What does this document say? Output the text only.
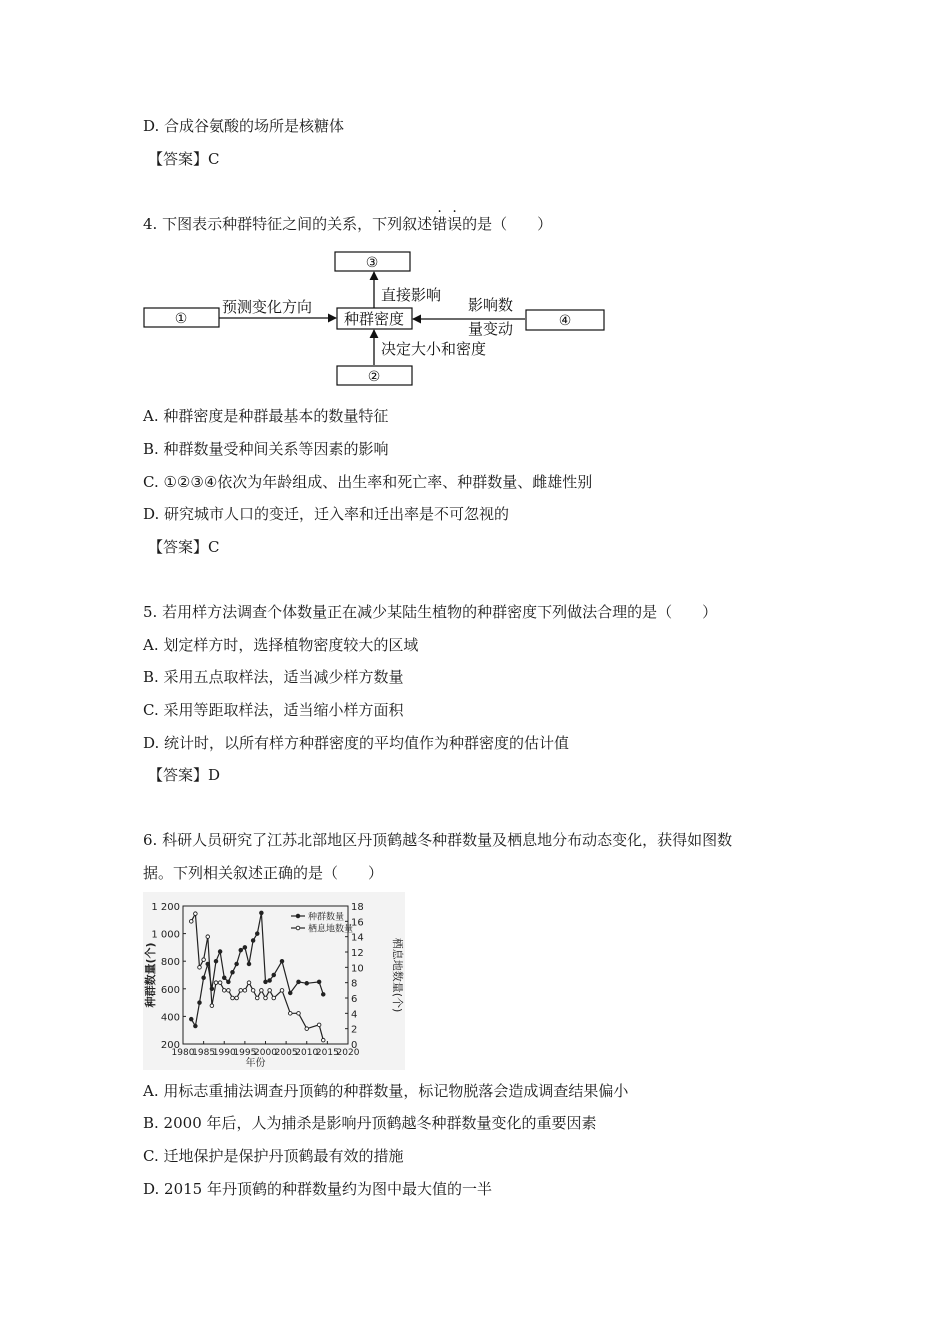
D. 合成谷氨酸的场所是核糖体
【答案】C
4. 下图表示种群特征之间的关系，下列叙述错误的是（　　）
①
③
②
④
种群密度
预测变化方向
直接影响
决定大小和密度
影响数
量变动
A. 种群密度是种群最基本的数量特征
B. 种群数量受种间关系等因素的影响
C. ①②③④依次为年龄组成、出生率和死亡率、种群数量、雌雄性别
D. 研究城市人口的变迁，迁入率和迁出率是不可忽视的
【答案】C
5. 若用样方法调查个体数量正在减少某陆生植物的种群密度下列做法合理的是（　　）
A. 划定样方时，选择植物密度较大的区域
B. 采用五点取样法，适当减少样方数量
C. 采用等距取样法，适当缩小样方面积
D. 统计时，以所有样方种群密度的平均值作为种群密度的估计值
【答案】D
6. 科研人员研究了江苏北部地区丹顶鹤越冬种群数量及栖息地分布动态变化，获得如图数
据。下列相关叙述正确的是（　　）
200
400
600
800
1 000
1 200
0
2
4
6
8
10
12
14
16
18
1980
1985
1990
1995
2000
2005
2010
2015
2020
年份
种群数量(个)	栖息地数量(个)
种群数量
栖息地数量
A. 用标志重捕法调查丹顶鹤的种群数量，标记物脱落会造成调查结果偏小
B. 2000 年后，人为捕杀是影响丹顶鹤越冬种群数量变化的重要因素
C. 迁地保护是保护丹顶鹤最有效的措施
D. 2015 年丹顶鹤的种群数量约为图中最大值的一半
